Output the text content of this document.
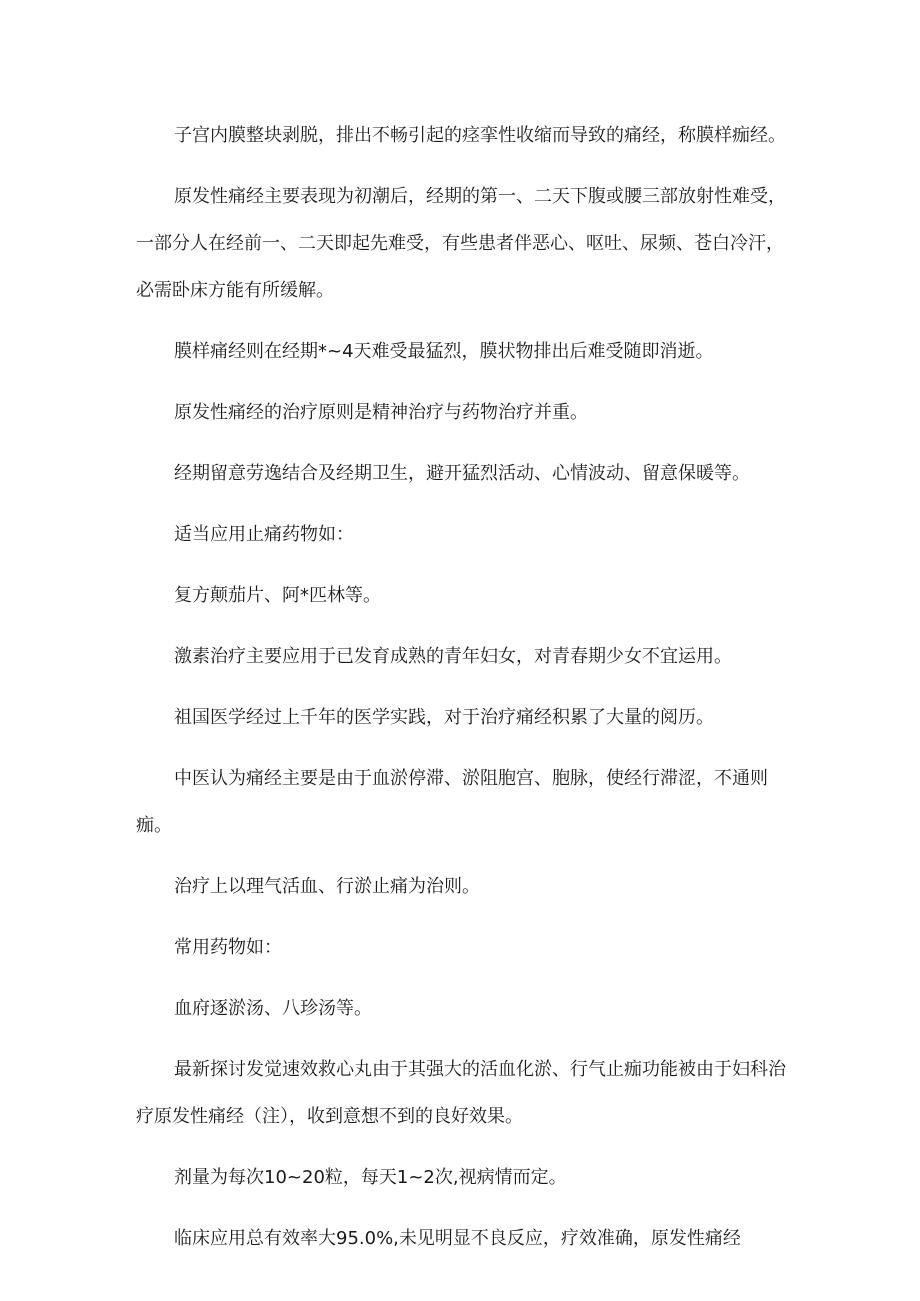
子宫内膜整块剥脱，排出不畅引起的痉挛性收缩而导致的痛经，称膜样痂经。

原发性痛经主要表现为初潮后，经期的第一、二天下腹或腰三部放射性难受，一部分人在经前一、二天即起先难受，有些患者伴恶心、呕吐、尿频、苍白冷汗，必需卧床方能有所缓解。

膜样痛经则在经期*~4天难受最猛烈，膜状物排出后难受随即消逝。

原发性痛经的治疗原则是精神治疗与药物治疗并重。

经期留意劳逸结合及经期卫生，避开猛烈活动、心情波动、留意保暖等。

适当应用止痛药物如：

复方颠茄片、阿*匹林等。

激素治疗主要应用于已发育成熟的青年妇女，对青春期少女不宜运用。

祖国医学经过上千年的医学实践，对于治疗痛经积累了大量的阅历。

中医认为痛经主要是由于血淤停滞、淤阻胞宫、胞脉，使经行滞涩，不通则痂。

治疗上以理气活血、行淤止痛为治则。

常用药物如：

血府逐淤汤、八珍汤等。

最新探讨发觉速效救心丸由于其强大的活血化淤、行气止痂功能被由于妇科治疗原发性痛经（注），收到意想不到的良好效果。

剂量为每次10~20粒，每天1~2次,视病情而定。

临床应用总有效率大95.0%,未见明显不良反应，疗效准确，原发性痛经
